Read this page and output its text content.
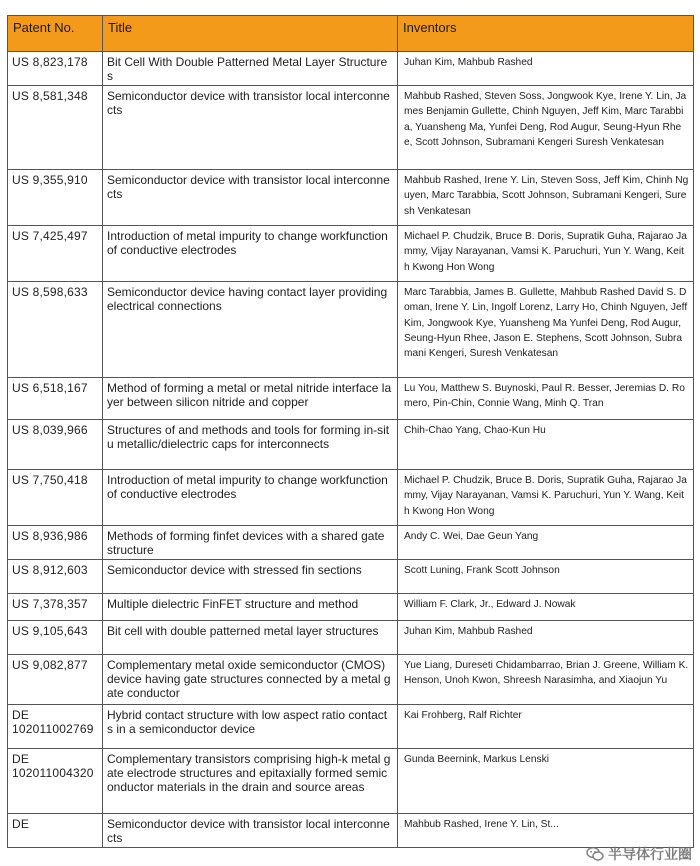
Patent No.	Title	Inventors
US 8,823,178	Bit Cell With Double Patterned Metal Layer Structures	Juhan Kim, Mahbub Rashed
US 8,581,348	Semiconductor device with transistor local interconnects	Mahbub Rashed, Steven Soss, Jongwook Kye, Irene Y. Lin, James Benjamin Gullette, Chinh Nguyen, Jeff Kim, Marc Tarabbia, Yuansheng Ma, Yunfei Deng, Rod Augur, Seung-Hyun Rhee, Scott Johnson, Subramani Kengeri Suresh Venkatesan
US 9,355,910	Semiconductor device with transistor local interconnects	Mahbub Rashed, Irene Y. Lin, Steven Soss, Jeff Kim, Chinh Nguyen, Marc Tarabbia, Scott Johnson, Subramani Kengeri, Suresh Venkatesan
US 7,425,497	Introduction of metal impurity to change workfunction of conductive electrodes	Michael P. Chudzik, Bruce B. Doris, Supratik Guha, Rajarao Jammy, Vijay Narayanan, Vamsi K. Paruchuri, Yun Y. Wang, Keith Kwong Hon Wong
US 8,598,633	Semiconductor device having contact layer providing electrical connections	Marc Tarabbia, James B. Gullette, Mahbub Rashed David S. Doman, Irene Y. Lin, Ingolf Lorenz, Larry Ho, Chinh Nguyen, Jeff Kim, Jongwook Kye, Yuansheng Ma Yunfei Deng, Rod Augur, Seung-Hyun Rhee, Jason E. Stephens, Scott Johnson, Subramani Kengeri, Suresh Venkatesan
US 6,518,167	Method of forming a metal or metal nitride interface layer between silicon nitride and copper	Lu You, Matthew S. Buynoski, Paul R. Besser, Jeremias D. Romero, Pin-Chin, Connie Wang, Minh Q. Tran
US 8,039,966	Structures of and methods and tools for forming in-situ metallic/dielectric caps for interconnects	Chih-Chao Yang, Chao-Kun Hu
US 7,750,418	Introduction of metal impurity to change workfunction of conductive electrodes	Michael P. Chudzik, Bruce B. Doris, Supratik Guha, Rajarao Jammy, Vijay Narayanan, Vamsi K. Paruchuri, Yun Y. Wang, Keith Kwong Hon Wong
US 8,936,986	Methods of forming finfet devices with a shared gate structure	Andy C. Wei, Dae Geun Yang
US 8,912,603	Semiconductor device with stressed fin sections	Scott Luning, Frank Scott Johnson
US 7,378,357	Multiple dielectric FinFET structure and method	William F. Clark, Jr., Edward J. Nowak
US 9,105,643	Bit cell with double patterned metal layer structures	Juhan Kim, Mahbub Rashed
US 9,082,877	Complementary metal oxide semiconductor (CMOS) device having gate structures connected by a metal gate conductor	Yue Liang, Dureseti Chidambarrao, Brian J. Greene, William K. Henson, Unoh Kwon, Shreesh Narasimha, and Xiaojun Yu
DE 102011002769	Hybrid contact structure with low aspect ratio contacts in a semiconductor device	Kai Frohberg, Ralf Richter
DE 102011004320	Complementary transistors comprising high-k metal gate electrode structures and epitaxially formed semiconductor materials in the drain and source areas	Gunda Beernink, Markus Lenski
DE	Semiconductor device with transistor local interconnects	Mahbub Rashed, Irene Y. Lin, St...
半导体行业圈
